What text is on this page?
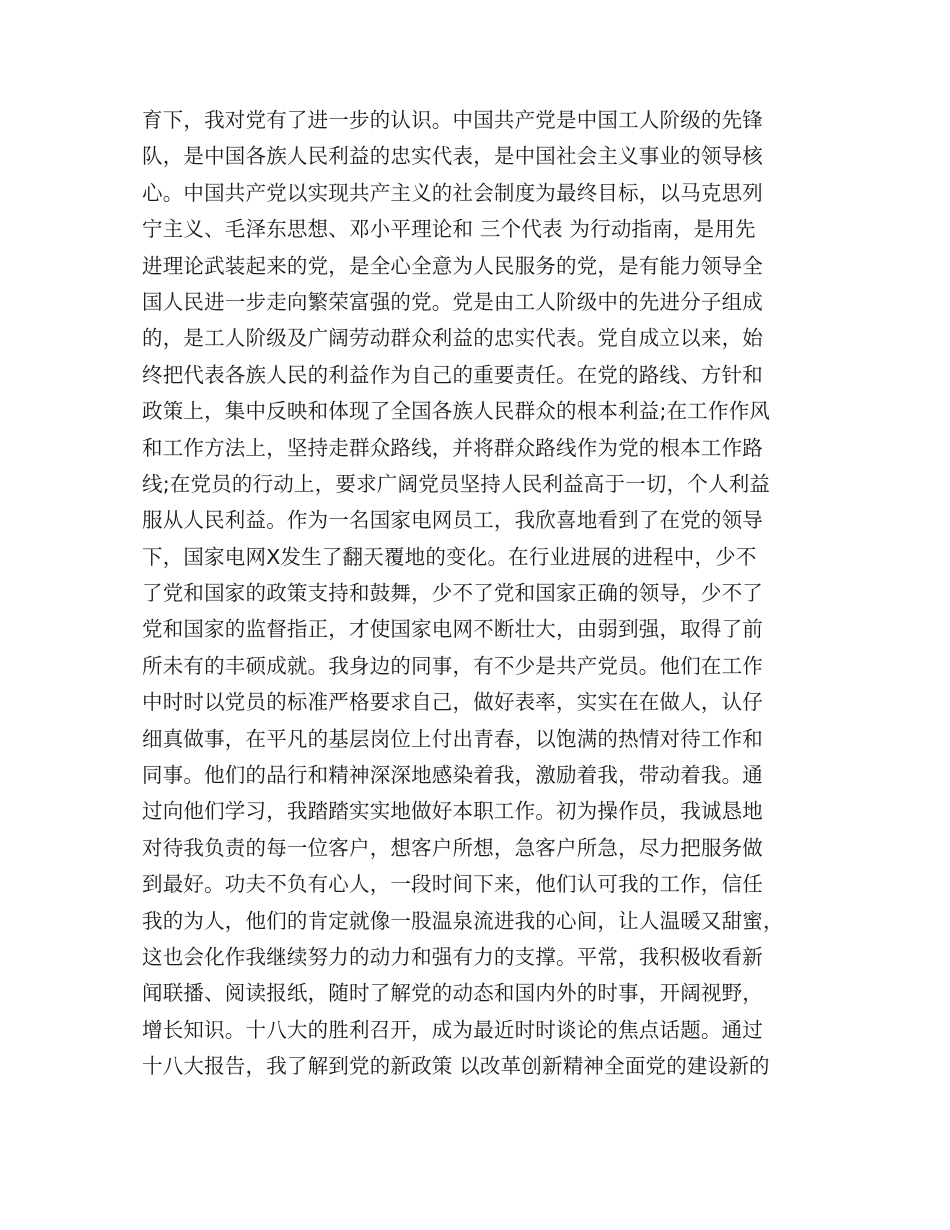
育下，我对党有了进一步的认识。中国共产党是中国工人阶级的先锋
队，是中国各族人民利益的忠实代表，是中国社会主义事业的领导核
心。中国共产党以实现共产主义的社会制度为最终目标，以马克思列
宁主义、毛泽东思想、邓小平理论和 三个代表 为行动指南，是用先
进理论武装起来的党，是全心全意为人民服务的党，是有能力领导全
国人民进一步走向繁荣富强的党。党是由工人阶级中的先进分子组成
的，是工人阶级及广阔劳动群众利益的忠实代表。党自成立以来，始
终把代表各族人民的利益作为自己的重要责任。在党的路线、方针和
政策上，集中反映和体现了全国各族人民群众的根本利益;在工作作风
和工作方法上，坚持走群众路线，并将群众路线作为党的根本工作路
线;在党员的行动上，要求广阔党员坚持人民利益高于一切，个人利益
服从人民利益。作为一名国家电网员工，我欣喜地看到了在党的领导
下，国家电网X发生了翻天覆地的变化。在行业进展的进程中，少不
了党和国家的政策支持和鼓舞，少不了党和国家正确的领导，少不了
党和国家的监督指正，才使国家电网不断壮大，由弱到强，取得了前
所未有的丰硕成就。我身边的同事，有不少是共产党员。他们在工作
中时时以党员的标准严格要求自己，做好表率，实实在在做人，认仔
细真做事，在平凡的基层岗位上付出青春，以饱满的热情对待工作和
同事。他们的品行和精神深深地感染着我，激励着我，带动着我。通
过向他们学习，我踏踏实实地做好本职工作。初为操作员，我诚恳地
对待我负责的每一位客户，想客户所想，急客户所急，尽力把服务做
到最好。功夫不负有心人，一段时间下来，他们认可我的工作，信任
我的为人，他们的肯定就像一股温泉流进我的心间，让人温暖又甜蜜，
这也会化作我继续努力的动力和强有力的支撑。平常，我积极收看新
闻联播、阅读报纸，随时了解党的动态和国内外的时事，开阔视野，
增长知识。十八大的胜利召开，成为最近时时谈论的焦点话题。通过
十八大报告，我了解到党的新政策 以改革创新精神全面党的建设新的
